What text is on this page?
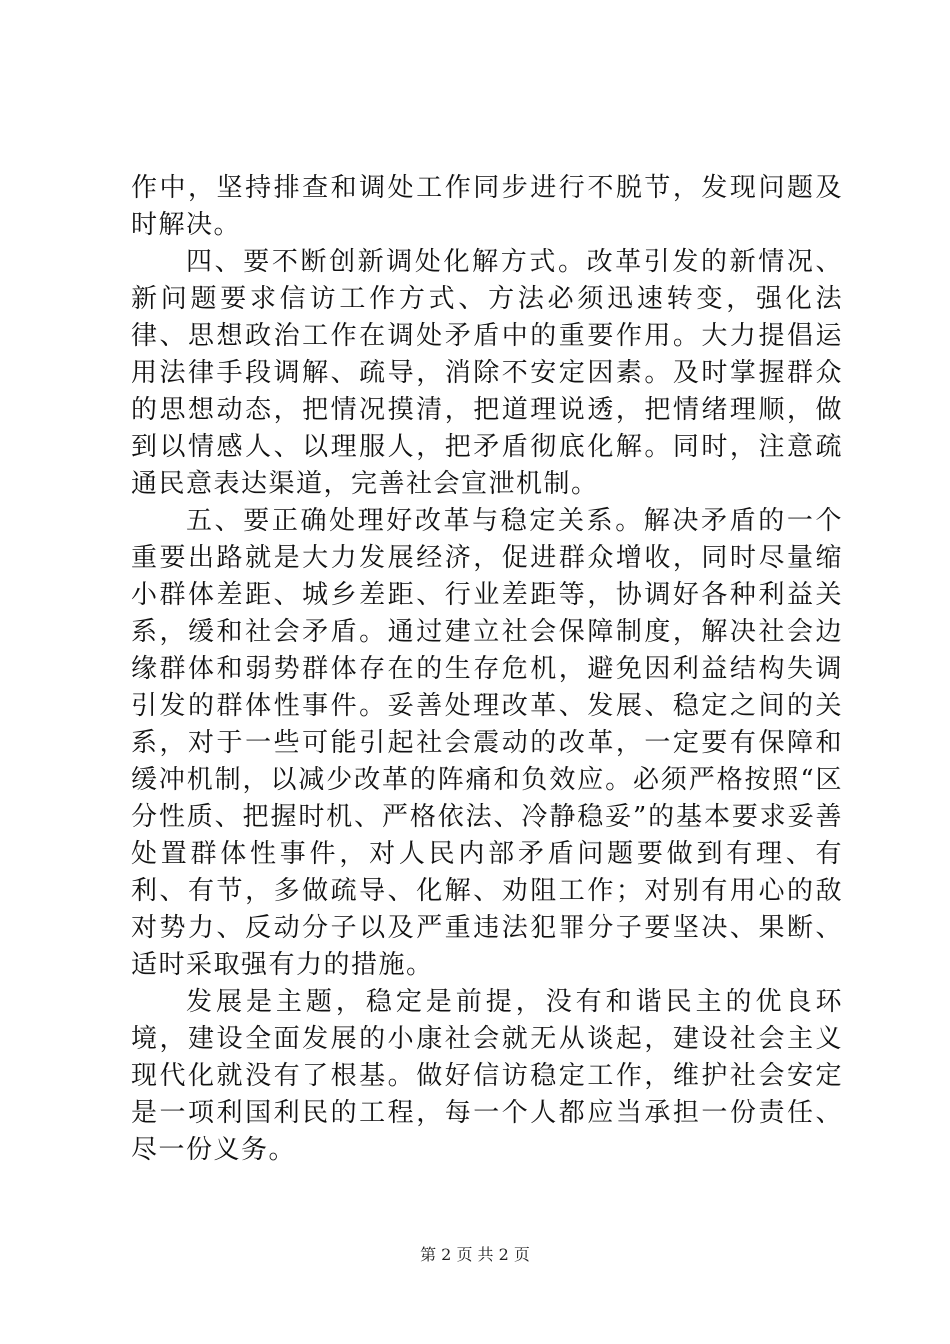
作中，坚持排查和调处工作同步进行不脱节，发现问题及时解决。

四、要不断创新调处化解方式。改革引发的新情况、新问题要求信访工作方式、方法必须迅速转变，强化法律、思想政治工作在调处矛盾中的重要作用。大力提倡运用法律手段调解、疏导，消除不安定因素。及时掌握群众的思想动态，把情况摸清，把道理说透，把情绪理顺，做到以情感人、以理服人，把矛盾彻底化解。同时，注意疏通民意表达渠道，完善社会宣泄机制。

五、要正确处理好改革与稳定关系。解决矛盾的一个重要出路就是大力发展经济，促进群众增收，同时尽量缩小群体差距、城乡差距、行业差距等，协调好各种利益关系，缓和社会矛盾。通过建立社会保障制度，解决社会边缘群体和弱势群体存在的生存危机，避免因利益结构失调引发的群体性事件。妥善处理改革、发展、稳定之间的关系，对于一些可能引起社会震动的改革，一定要有保障和缓冲机制，以减少改革的阵痛和负效应。必须严格按照“区分性质、把握时机、严格依法、冷静稳妥”的基本要求妥善处置群体性事件，对人民内部矛盾问题要做到有理、有利、有节，多做疏导、化解、劝阻工作；对别有用心的敌对势力、反动分子以及严重违法犯罪分子要坚决、果断、适时采取强有力的措施。

发展是主题，稳定是前提，没有和谐民主的优良环境，建设全面发展的小康社会就无从谈起，建设社会主义现代化就没有了根基。做好信访稳定工作，维护社会安定是一项利国利民的工程，每一个人都应当承担一份责任、尽一份义务。

第 2 页 共 2 页
